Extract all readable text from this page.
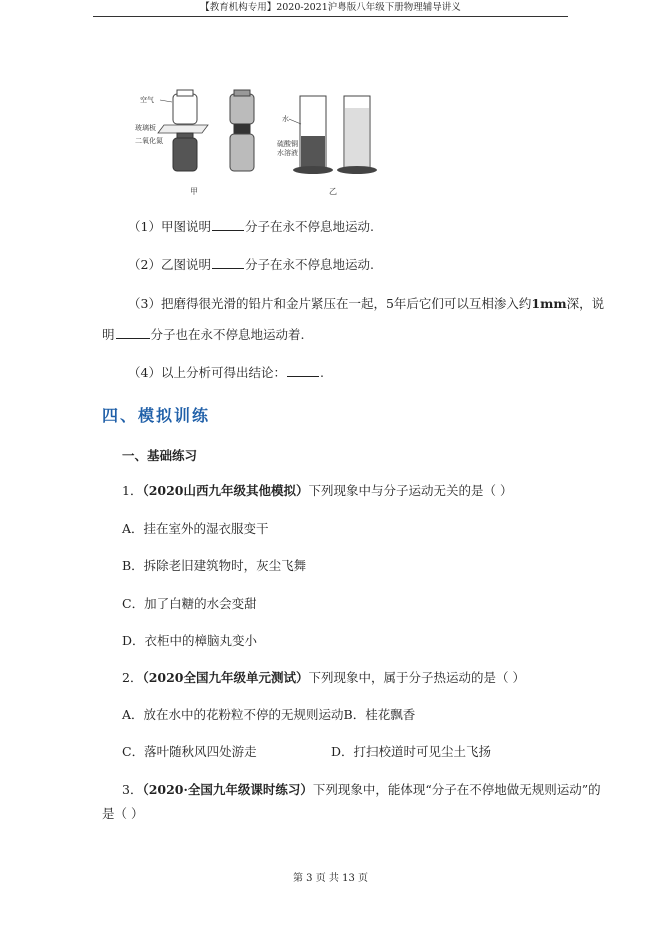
【教育机构专用】2020-2021沪粤版八年级下册物理辅导讲义
空气
玻璃板
二氧化氮
甲
水
硫酸铜
水溶液
乙
（1）甲图说明	分子在永不停息地运动.
（2）乙图说明	分子在永不停息地运动.
（3）把磨得很光滑的铅片和金片紧压在一起，5年后它们可以互相渗入约1mm深，说
明	分子也在永不停息地运动着.
（4）以上分析可得出结论：	.
四、模拟训练
一、基础练习
1．（2020山西九年级其他模拟）下列现象中与分子运动无关的是（ ）
A．挂在室外的湿衣服变干
B．拆除老旧建筑物时，灰尘飞舞
C．加了白糖的水会变甜
D．衣柜中的樟脑丸变小
2．（2020全国九年级单元测试）下列现象中，属于分子热运动的是（ ）
A．放在水中的花粉粒不停的无规则运动B．桂花飘香
C．落叶随秋风四处游走	D．打扫校道时可见尘土飞扬
3．（2020·全国九年级课时练习）下列现象中，能体现“分子在不停地做无规则运动”的
是（ ）
第 3 页 共 13 页
